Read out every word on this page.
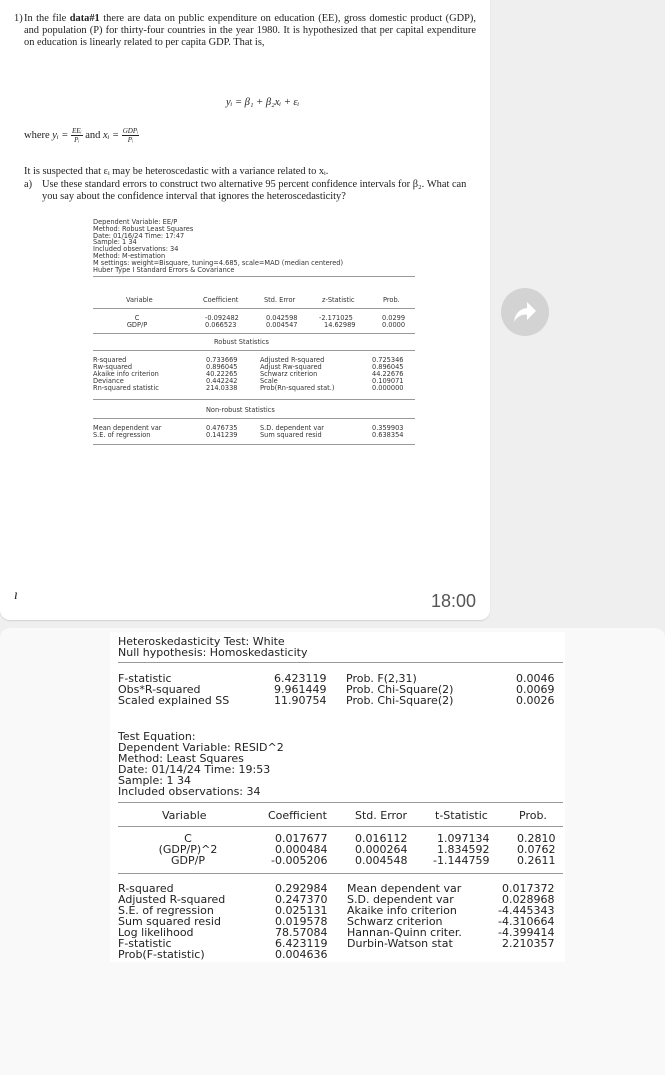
1) In the file data#1 there are data on public expenditure on education (EE), gross domestic product (GDP), and population (P) for thirty-four countries in the year 1980. It is hypothesized that per capital expenditure on education is linearly related to per capita GDP. That is,
yᵢ = β₁ + β₂xᵢ + εᵢ
where yᵢ = $\frac{\text{EEᵢ}}{\text{Pᵢ}}$ and xᵢ = $\frac{\text{GDPᵢ}}{\text{Pᵢ}}$
It is suspected that εᵢ may be heteroscedastic with a variance related to xᵢ.
a) Use these standard errors to construct two alternative 95 percent confidence intervals for β₂. What can you say about the confidence interval that ignores the heteroscedasticity?
Dependent Variable: EE/P
Method: Robust Least Squares
Date: 01/16/24 Time: 17:47
Sample: 1 34
Included observations: 34
Method: M-estimation
M settings: weight=Bisquare, tuning=4.685, scale=MAD (median centered)
Huber Type I Standard Errors & Covariance
Variable	Coefficient	Std. Error	z-Statistic	Prob.
C	-0.092482	0.042598	-2.171025	0.0299
GDP/P	0.066523	0.004547	14.62989	0.0000
Robust Statistics
R-squared	0.733669	Adjusted R-squared	0.725346
Rw-squared	0.896045	Adjust Rw-squared	0.896045
Akaike info criterion	40.22265	Schwarz criterion	44.22676
Deviance	0.442242	Scale	0.109071
Rn-squared statistic	214.0338	Prob(Rn-squared stat.)	0.000000
Non-robust Statistics
Mean dependent var	0.476735	S.D. dependent var	0.359903
S.E. of regression	0.141239	Sum squared resid	0.638354
ı	18:00
Heteroskedasticity Test: White
Null hypothesis: Homoskedasticity
F-statistic	6.423119 Prob. F(2,31)	0.0046
Obs*R-squared	9.961449 Prob. Chi-Square(2)	0.0069
Scaled explained SS	11.90754 Prob. Chi-Square(2)	0.0026
Test Equation:
Dependent Variable: RESID^2
Method: Least Squares
Date: 01/14/24 Time: 19:53
Sample: 1 34
Included observations: 34
Variable	Coefficient	Std. Error	t-Statistic	Prob.
C	0.017677	0.016112	1.097134	0.2810
(GDP/P)^2	0.000484	0.000264	1.834592	0.0762
GDP/P	-0.005206	0.004548 -1.144759	0.2611
R-squared	0.292984 Mean dependent var	0.017372
Adjusted R-squared	0.247370 S.D. dependent var	0.028968
S.E. of regression	0.025131 Akaike info criterion	-4.445343
Sum squared resid	0.019578 Schwarz criterion	-4.310664
Log likelihood	78.57084 Hannan-Quinn criter.	-4.399414
F-statistic	6.423119 Durbin-Watson stat	2.210357
Prob(F-statistic)	0.004636
